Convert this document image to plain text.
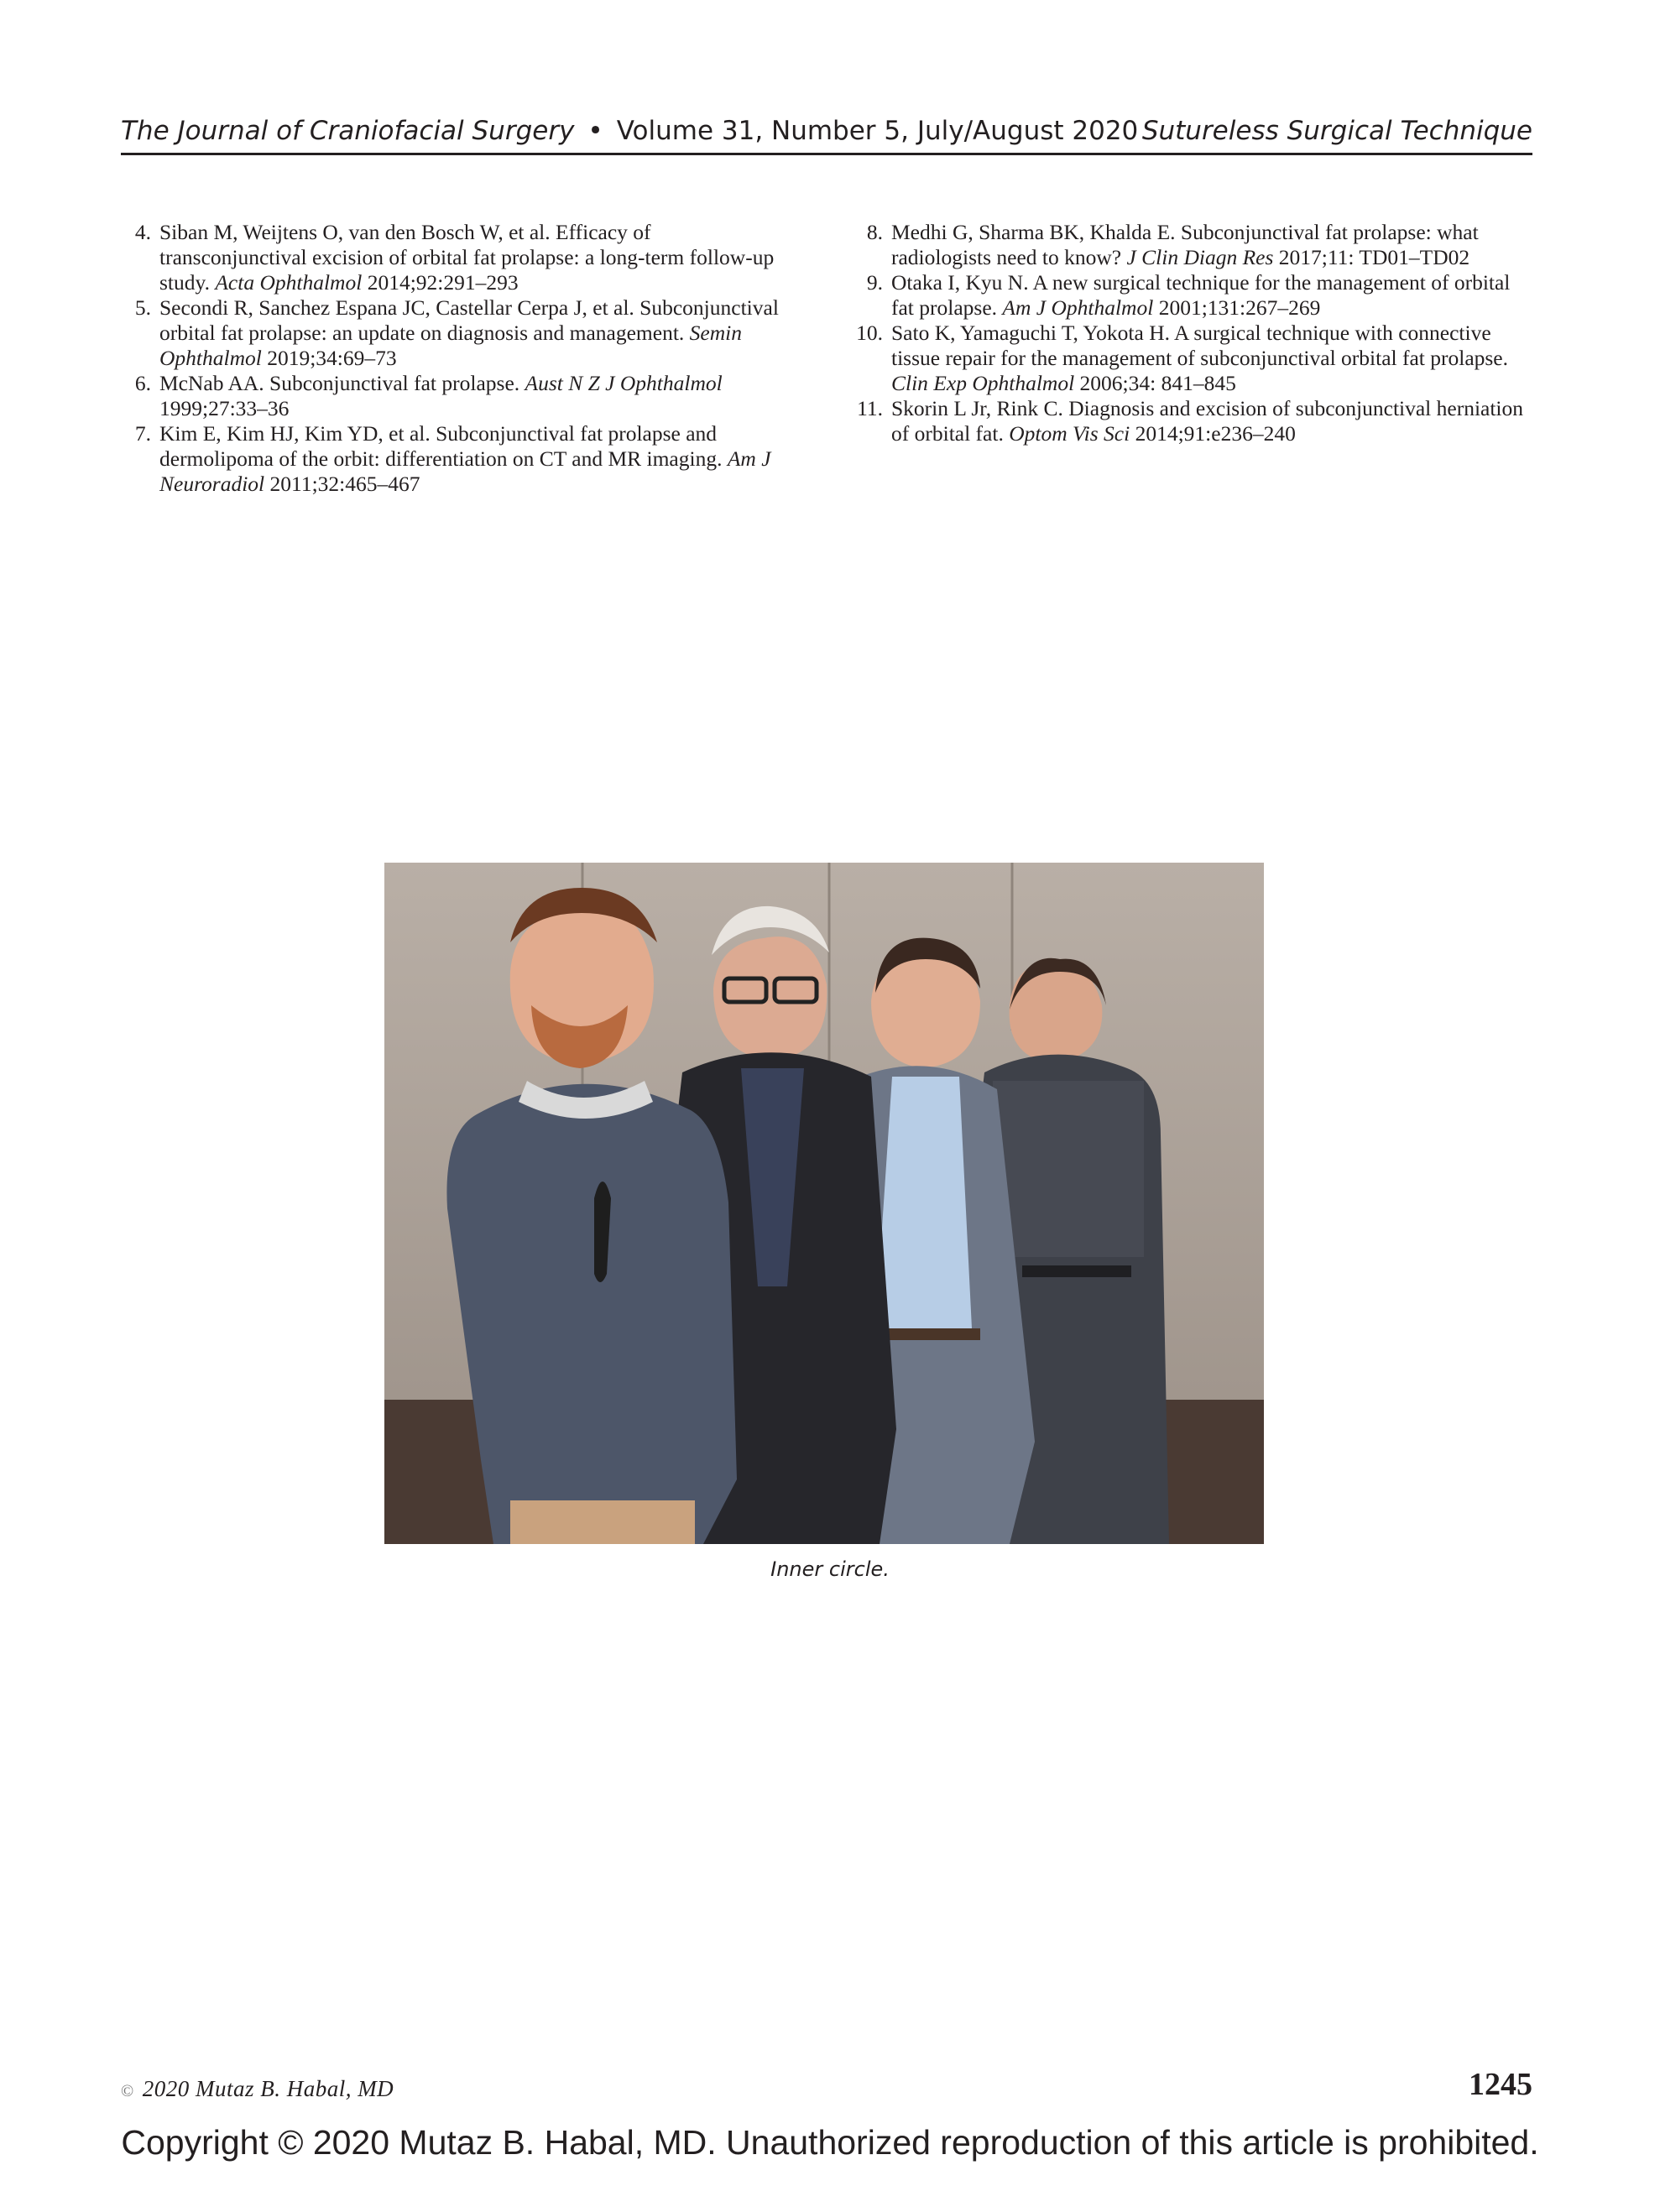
The Journal of Craniofacial Surgery • Volume 31, Number 5, July/August 2020 Sutureless Surgical Technique
4. Siban M, Weijtens O, van den Bosch W, et al. Efficacy of transconjunctival excision of orbital fat prolapse: a long-term follow-up study. Acta Ophthalmol 2014;92:291–293
5. Secondi R, Sanchez Espana JC, Castellar Cerpa J, et al. Subconjunctival orbital fat prolapse: an update on diagnosis and management. Semin Ophthalmol 2019;34:69–73
6. McNab AA. Subconjunctival fat prolapse. Aust N Z J Ophthalmol 1999;27:33–36
7. Kim E, Kim HJ, Kim YD, et al. Subconjunctival fat prolapse and dermolipoma of the orbit: differentiation on CT and MR imaging. Am J Neuroradiol 2011;32:465–467
8. Medhi G, Sharma BK, Khalda E. Subconjunctival fat prolapse: what radiologists need to know? J Clin Diagn Res 2017;11: TD01–TD02
9. Otaka I, Kyu N. A new surgical technique for the management of orbital fat prolapse. Am J Ophthalmol 2001;131:267–269
10. Sato K, Yamaguchi T, Yokota H. A surgical technique with connective tissue repair for the management of subconjunctival orbital fat prolapse. Clin Exp Ophthalmol 2006;34: 841–845
11. Skorin L Jr, Rink C. Diagnosis and excision of subconjunctival herniation of orbital fat. Optom Vis Sci 2014;91:e236–240
Inner circle.
© 2020 Mutaz B. Habal, MD	1245
Copyright © 2020 Mutaz B. Habal, MD. Unauthorized reproduction of this article is prohibited.
